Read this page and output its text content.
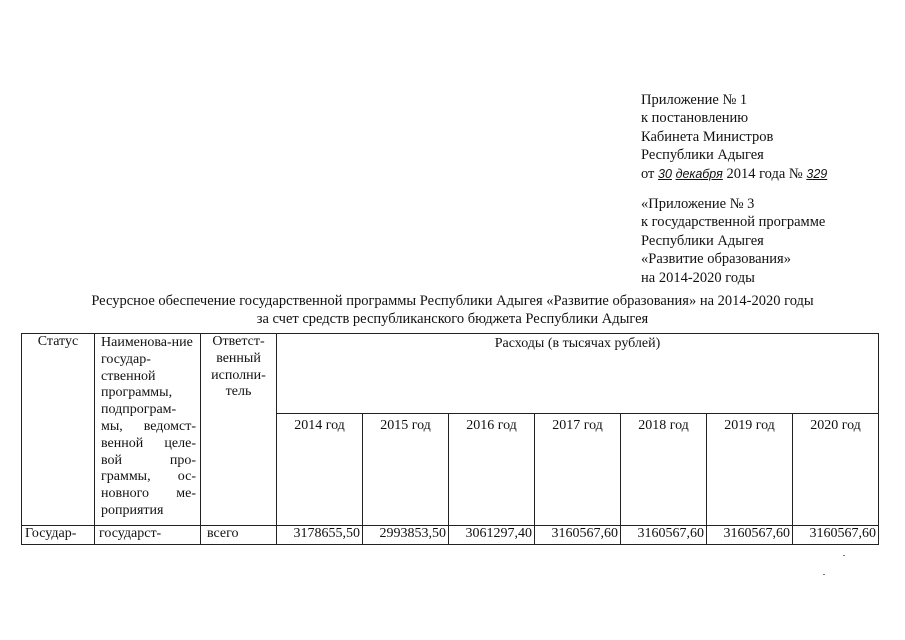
Приложение № 1
к постановлению
Кабинета Министров
Республики Адыгея
от 30 декабря 2014 года № 329
«Приложение № 3
к государственной программе
Республики Адыгея
«Развитие образования»
на 2014-2020 годы
Ресурсное обеспечение государственной программы Республики Адыгея «Развитие образования» на 2014-2020 годы
за счет средств республиканского бюджета Республики Адыгея
Статус	Наименова-ние государ-ственной программы, подпрограм-мы, ведомст-венной целе-вой про-граммы, ос-новного ме-роприятия	Ответст-венный исполни-тель	Расходы (в тысячах рублей)						
			2014 год	2015 год	2016 год	2017 год	2018 год	2019 год	2020 год
Государ-	государст-	всего	3178655,50	2993853,50	3061297,40	3160567,60	3160567,60	3160567,60	3160567,60
